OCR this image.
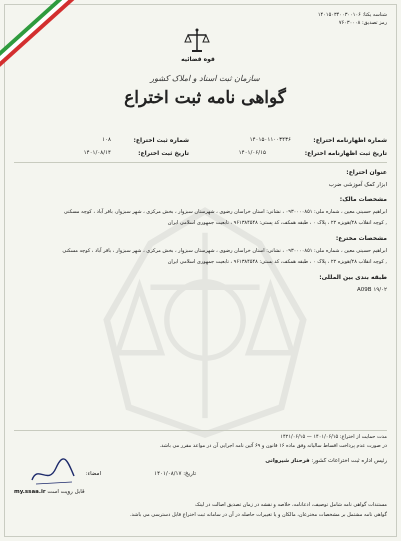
شناسه یکتا: ۱۴۰۱۵۰۳۴۰۰۳۰۰۱۰۶
رمز تصدیق: ۷۶۰۳۰۰۰۸
قوه قضائیه
سازمان ثبت اسناد و املاک کشور
گواهی نامه ثبت اختراع
شماره اظهارنامه اختراع:
۱۴۰۱۵۰۱۱۰۰۳۴۳۶
شماره ثبت اختراع:
۱۰۸
تاریخ ثبت اظهارنامه اختراع:
۱۴۰۱/۰۶/۱۵
تاریخ ثبت اختراع:
۱۴۰۱/۰۸/۱۴
عنوان اختراع:
ابزار کمک آموزشی ضرب
مشخصات مالک:
ابراهیم حسینی معین ، شماره ملی: ۰۹۳۰۰۰۰۸۵۱ ، نشانی: استان خراسان رضوی ، شهرستان سبزوار ، بخش مرکزی ، شهر سبزوار، باقر آباد ، کوچه مسکنی
, کوچه انقلاب ۲۸/هویزه ۲۲ ، پلاک ۰ ، طبقه همکف، کد پستی: ۹۶۱۳۸۴۵۴۸ ، تابعیت جمهوری اسلامی ایران
مشخصات مخترع:
ابراهیم حسینی معین ، شماره ملی: ۰۹۳۰۰۰۰۸۵۱ ، نشانی: استان خراسان رضوی ، شهرستان سبزوار ، بخش مرکزی ، شهر سبزوار ، باقر آباد ، کوچه مسکنی
, کوچه انقلاب ۲۸/هویزه ۲۲ ، پلاک ۰ ، طبقه همکف، کد پستی: ۹۶۱۳۸۴۵۴۸ ، تابعیت جمهوری اسلامی ایران
طبقه بندی بین المللی:
A09B ۱۹/۰۲
مدت حمایت از اختراع: ۱۴۰۱/۰۶/۱۵ — ۱۴۲۱/۰۶/۱۵
در صورت عدم پرداخت اقساط سالیانه وفق ماده ۱۶ قانون و ۶۹ آئین نامه اجرایی آن در مواعد مقرر می باشد.
رئیس اداره ثبت اختراعات کشور: فرحناز شیروانی
تاریخ: ۱۴۰۱/۰۸/۱۷
امضاء:
قابل رویت است my.ssaa.ir
مستندات گواهی نامه شامل توصیف، ادعانامه، خلاصه و نقشه در زمان تصدیق اصالت در لینک
گواهی نامه مشتمل بر مشخصات مخترعان، مالکان و یا تغییرات حاصله در آن در سامانه ثبت اختراع قابل دسترسی می باشد.
